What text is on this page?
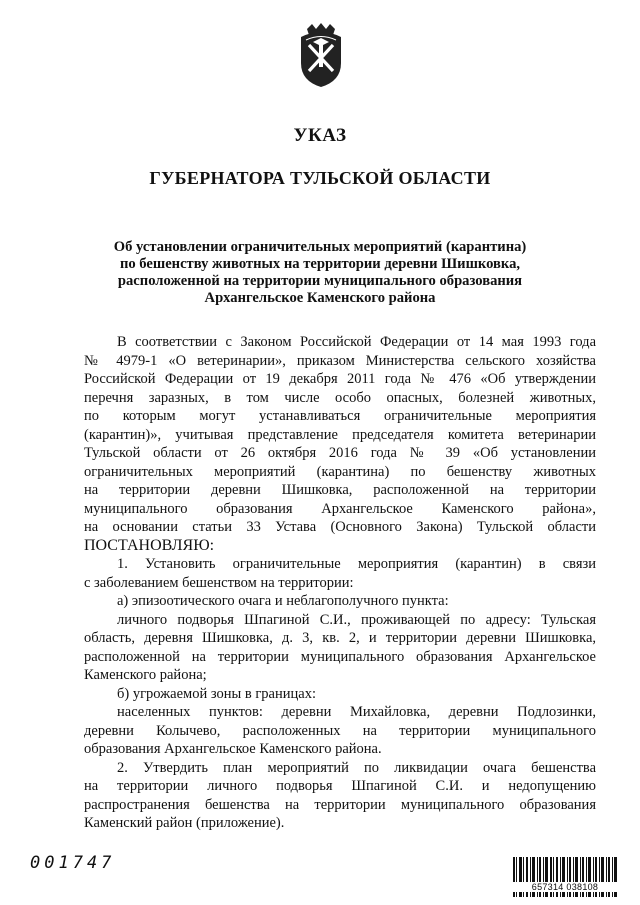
УКАЗ
ГУБЕРНАТОРА ТУЛЬСКОЙ ОБЛАСТИ
Об установлении ограничительных мероприятий (карантина)
по бешенству животных на территории деревни Шишковка,
расположенной на территории муниципального образования
Архангельское Каменского района
В соответствии с Законом Российской Федерации от 14 мая 1993 года
№ 4979-1 «О ветеринарии», приказом Министерства сельского хозяйства
Российской Федерации от 19 декабря 2011 года № 476 «Об утверждении
перечня заразных, в том числе особо опасных, болезней животных,
по которым могут устанавливаться ограничительные мероприятия
(карантин)», учитывая представление председателя комитета ветеринарии
Тульской области от 26 октября 2016 года № 39 «Об установлении
ограничительных мероприятий (карантина) по бешенству животных
на территории деревни Шишковка, расположенной на территории
муниципального образования Архангельское Каменского района»,
на основании статьи 33 Устава (Основного Закона) Тульской области
ПОСТАНОВЛЯЮ:
1. Установить ограничительные мероприятия (карантин) в связи
с заболеванием бешенством на территории:
а) эпизоотического очага и неблагополучного пункта:
личного подворья Шпагиной С.И., проживающей по адресу: Тульская
область, деревня Шишковка, д. 3, кв. 2, и территории деревни Шишковка,
расположенной на территории муниципального образования Архангельское
Каменского района;
б) угрожаемой зоны в границах:
населенных пунктов: деревни Михайловка, деревни Подлозинки,
деревни Колычево, расположенных на территории муниципального
образования Архангельское Каменского района.
2. Утвердить план мероприятий по ликвидации очага бешенства
на территории личного подворья Шпагиной С.И. и недопущению
распространения бешенства на территории муниципального образования
Каменский район (приложение).
001747
657314 038108
